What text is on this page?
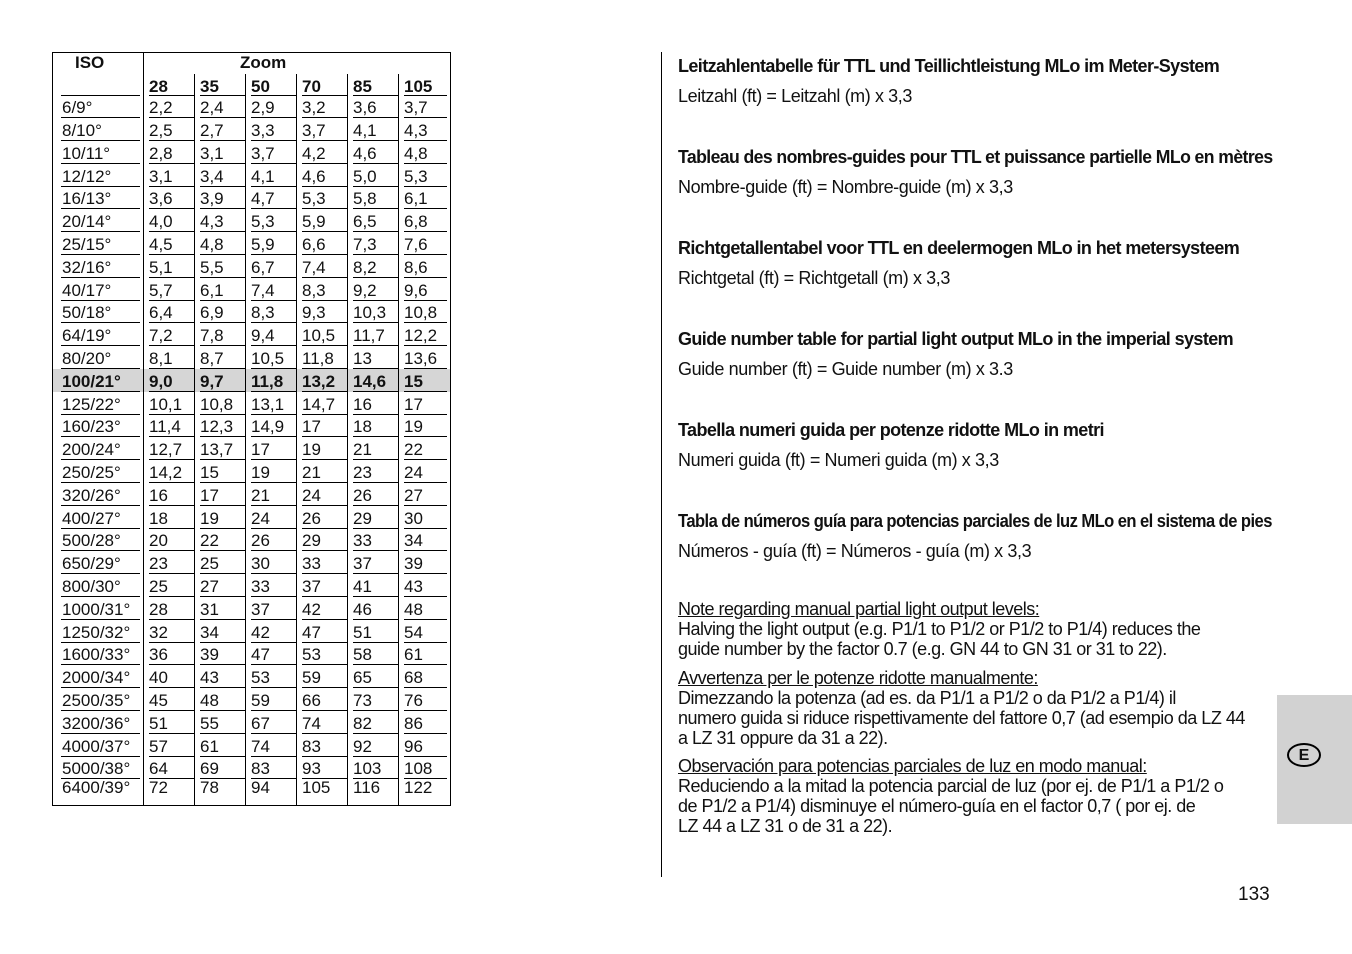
ISO	Zoom					

	28	35	50	70	85	105

6/9°	2,2	2,4	2,9	3,2	3,6	3,7

8/10°	2,5	2,7	3,3	3,7	4,1	4,3

10/11°	2,8	3,1	3,7	4,2	4,6	4,8

12/12°	3,1	3,4	4,1	4,6	5,0	5,3

16/13°	3,6	3,9	4,7	5,3	5,8	6,1

20/14°	4,0	4,3	5,3	5,9	6,5	6,8

25/15°	4,5	4,8	5,9	6,6	7,3	7,6

32/16°	5,1	5,5	6,7	7,4	8,2	8,6

40/17°	5,7	6,1	7,4	8,3	9,2	9,6

50/18°	6,4	6,9	8,3	9,3	10,3	10,8

64/19°	7,2	7,8	9,4	10,5	11,7	12,2

80/20°	8,1	8,7	10,5	11,8	13	13,6

100/21°	9,0	9,7	11,8	13,2	14,6	15

125/22°	10,1	10,8	13,1	14,7	16	17

160/23°	11,4	12,3	14,9	17	18	19

200/24°	12,7	13,7	17	19	21	22

250/25°	14,2	15	19	21	23	24

320/26°	16	17	21	24	26	27

400/27°	18	19	24	26	29	30

500/28°	20	22	26	29	33	34

650/29°	23	25	30	33	37	39

800/30°	25	27	33	37	41	43

1000/31°	28	31	37	42	46	48

1250/32°	32	34	42	47	51	54

1600/33°	36	39	47	53	58	61

2000/34°	40	43	53	59	65	68

2500/35°	45	48	59	66	73	76

3200/36°	51	55	67	74	82	86

4000/37°	57	61	74	83	92	96

5000/38°	64	69	83	93	103	108

6400/39°	72	78	94	105	116	122
Leitzahlentabelle für TTL und Teillichtleistung MLo im Meter-System
Leitzahl (ft) = Leitzahl (m) x 3,3
Tableau des nombres-guides pour TTL et puissance partielle MLo en mètres
Nombre-guide (ft) = Nombre-guide (m) x 3,3
Richtgetallentabel voor TTL en deelermogen MLo in het metersysteem
Richtgetal (ft) = Richtgetall (m) x 3,3
Guide number table for partial light output MLo in the imperial system
Guide number (ft) = Guide number (m) x 3.3
Tabella numeri guida per potenze ridotte MLo in metri
Numeri guida (ft) = Numeri guida (m) x 3,3
Tabla de números guía para potencias parciales de luz MLo en el sistema de pies
Números - guía (ft) = Números - guía (m) x 3,3
Note regarding manual partial light output levels:
Halving the light output (e.g. P1/1 to P1/2 or P1/2 to P1/4) reduces the
guide number by the factor 0.7 (e.g. GN 44 to GN 31 or 31 to 22).
Avvertenza per le potenze ridotte manualmente:
Dimezzando la potenza (ad es. da P1/1 a P1/2 o da P1/2 a P1/4) il
numero guida si riduce rispettivamente del fattore 0,7 (ad esempio da LZ 44
a LZ 31 oppure da 31 a 22).
Observación para potencias parciales de luz en modo manual:
Reduciendo a la mitad la potencia parcial de luz (por ej. de P1/1 a P1/2 o
de P1/2 a P1/4) disminuye el número-guía en el factor 0,7 ( por ej. de
LZ 44 a LZ 31 o de 31 a 22).
E
133
